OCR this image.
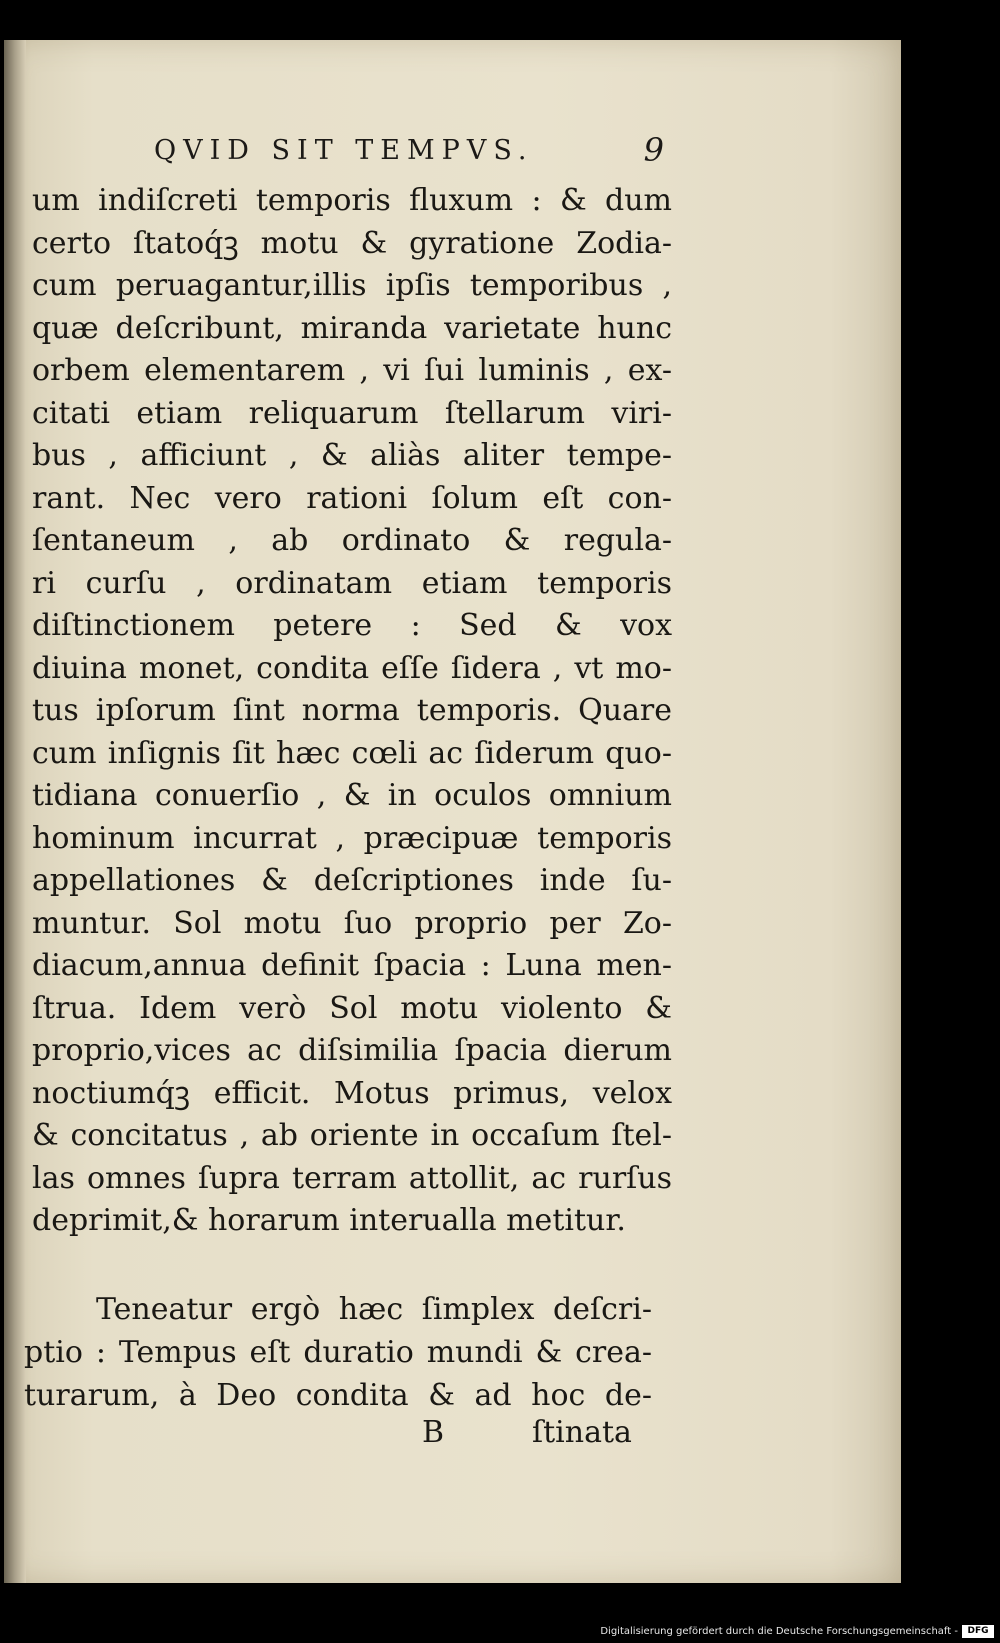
QVID SIT TEMPVS.	9
um indiſcreti temporis fluxum : & dum
certo ſtatoq́ꝫ motu & gyratione Zodia-
cum peruagantur,illis ipſis temporibus ,
quæ deſcribunt, miranda varietate hunc
orbem elementarem , vi ſui luminis , ex-
citati etiam reliquarum ſtellarum viri-
bus , afficiunt , & aliàs aliter tempe-
rant. Nec vero rationi ſolum eſt con-
ſentaneum , ab ordinato & regula-
ri curſu , ordinatam etiam temporis
diſtinctionem petere : Sed & vox
diuina monet, condita eſſe ſidera , vt mo-
tus ipſorum ſint norma temporis. Quare
cum inſignis ſit hæc cœli ac ſiderum quo-
tidiana conuerſio , & in oculos omnium
hominum incurrat , præcipuæ temporis
appellationes & deſcriptiones inde ſu-
muntur. Sol motu ſuo proprio per Zo-
diacum,annua definit ſpacia : Luna men-
ſtrua. Idem verò Sol motu violento &
proprio,vices ac diſsimilia ſpacia dierum
noctiumq́ꝫ efficit. Motus primus, velox
& concitatus , ab oriente in occaſum ſtel-
las omnes ſupra terram attollit, ac rurſus
deprimit,& horarum interualla metitur.
Teneatur ergò hæc ſimplex deſcri-
ptio : Tempus eſt duratio mundi & crea-
turarum, à Deo condita & ad hoc de-
B	ſtinata
Digitalisierung gefördert durch die Deutsche Forschungsgemeinschaft -	DFG
